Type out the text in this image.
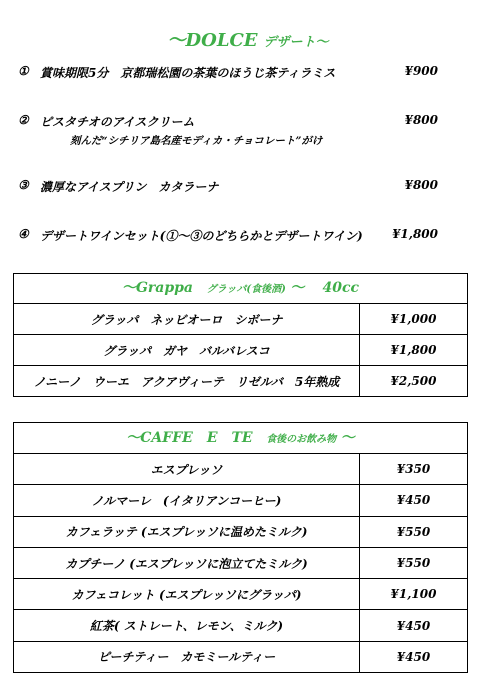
～DOLCE デザート～
① 賞味期限5分　京都瑞松園の茶葉のほうじ茶ティラミス	¥900
② ピスタチオのアイスクリーム	¥800
刻んだ“シチリア島名産モディカ・チョコレート”がけ
③ 濃厚なアイスプリン　カタラーナ	¥800
④ デザートワインセット(①～③のどちらかとデザートワイン) ¥1,800
～Grappa グラッパ(食後酒) ～ 40cc
グラッパ　ネッビオーロ　シボーナ	¥1,000
グラッパ　ガヤ　バルバレスコ	¥1,800
ノニーノ　ウーエ　アクアヴィーテ　リゼルバ　5年熟成	¥2,500
～CAFFE　E　TE 食後のお飲み物 ～
エスプレッソ	¥350
ノルマーレ　(イタリアンコーヒー)	¥450
カフェラッテ (エスプレッソに温めたミルク)	¥550
カプチーノ (エスプレッソに泡立てたミルク)	¥550
カフェコレット (エスプレッソにグラッパ)	¥1,100
紅茶( ストレート、レモン、ミルク)	¥450
ピーチティー　カモミールティー	¥450
